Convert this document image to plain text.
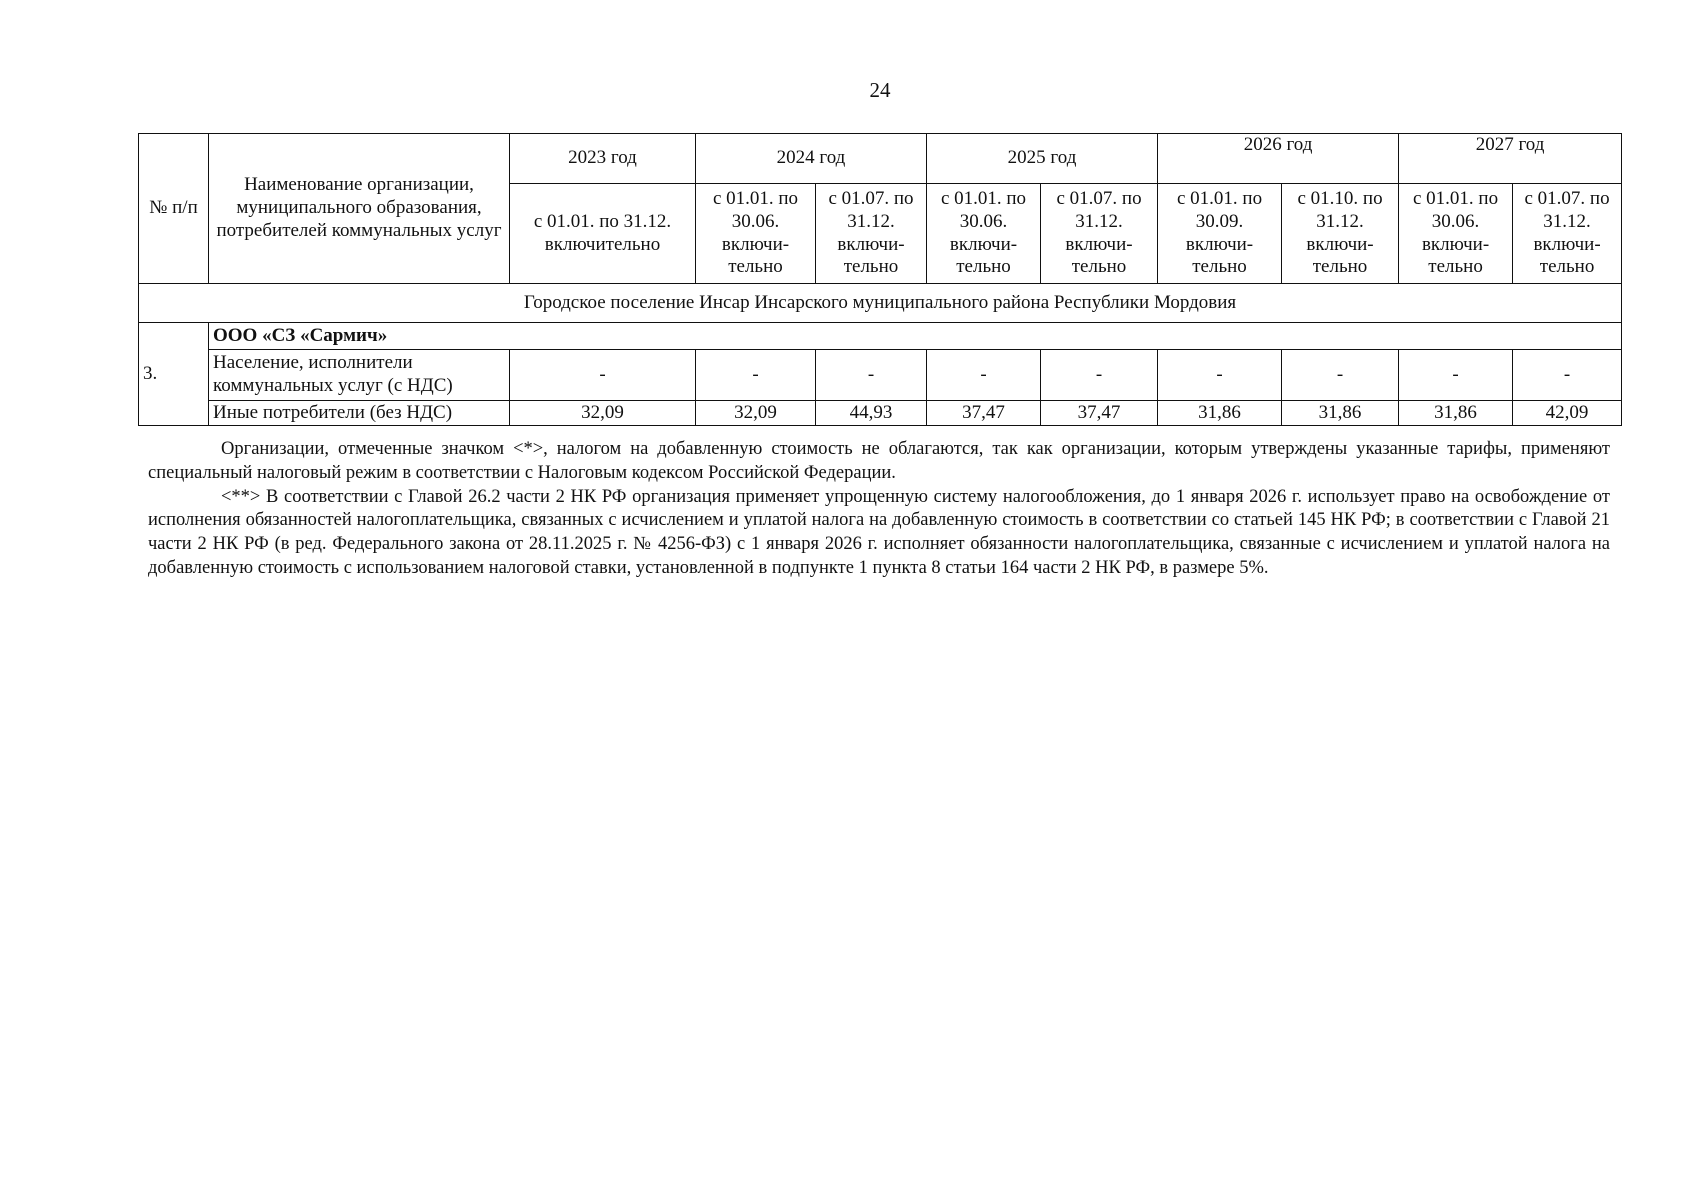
24
№ п/п	Наименование организации, муниципального образования, потребителей коммунальных услуг	2023 год	2024 год		2025 год		2026 год		2027 год	
		с 01.01. по 31.12. включительно	с 01.01. по 30.06. включи-тельно	с 01.07. по 31.12. включи-тельно	с 01.01. по 30.06. включи-тельно	с 01.07. по 31.12. включи-тельно	с 01.01. по 30.09. включи-тельно	с 01.10. по 31.12. включи-тельно	с 01.01. по 30.06. включи-тельно	с 01.07. по 31.12. включи-тельно
Городское поселение Инсар Инсарского муниципального района Республики Мордовия										
3.	ООО «СЗ «Сармич»									
	Население, исполнители коммунальных услуг (с НДС)	-	-	-	-	-	-	-	-	-
	Иные потребители (без НДС)	32,09	32,09	44,93	37,47	37,47	31,86	31,86	31,86	42,09

Организации, отмеченные значком <*>, налогом на добавленную стоимость не облагаются, так как организации, которым утверждены указанные тарифы, применяют специальный налоговый режим в соответствии с Налоговым кодексом Российской Федерации.

<**> В соответствии с Главой 26.2 части 2 НК РФ организация применяет упрощенную систему налогообложения, до 1 января 2026 г. использует право на освобождение от исполнения обязанностей налогоплательщика, связанных с исчислением и уплатой налога на добавленную стоимость в соответствии со статьей 145 НК РФ; в соответствии с Главой 21 части 2 НК РФ (в ред. Федерального закона от 28.11.2025 г. № 4256-ФЗ) с 1 января 2026 г. исполняет обязанности налогоплательщика, связанные с исчислением и уплатой налога на добавленную стоимость с использованием налоговой ставки, установленной в подпункте 1 пункта 8 статьи 164 части 2 НК РФ, в размере 5%.
